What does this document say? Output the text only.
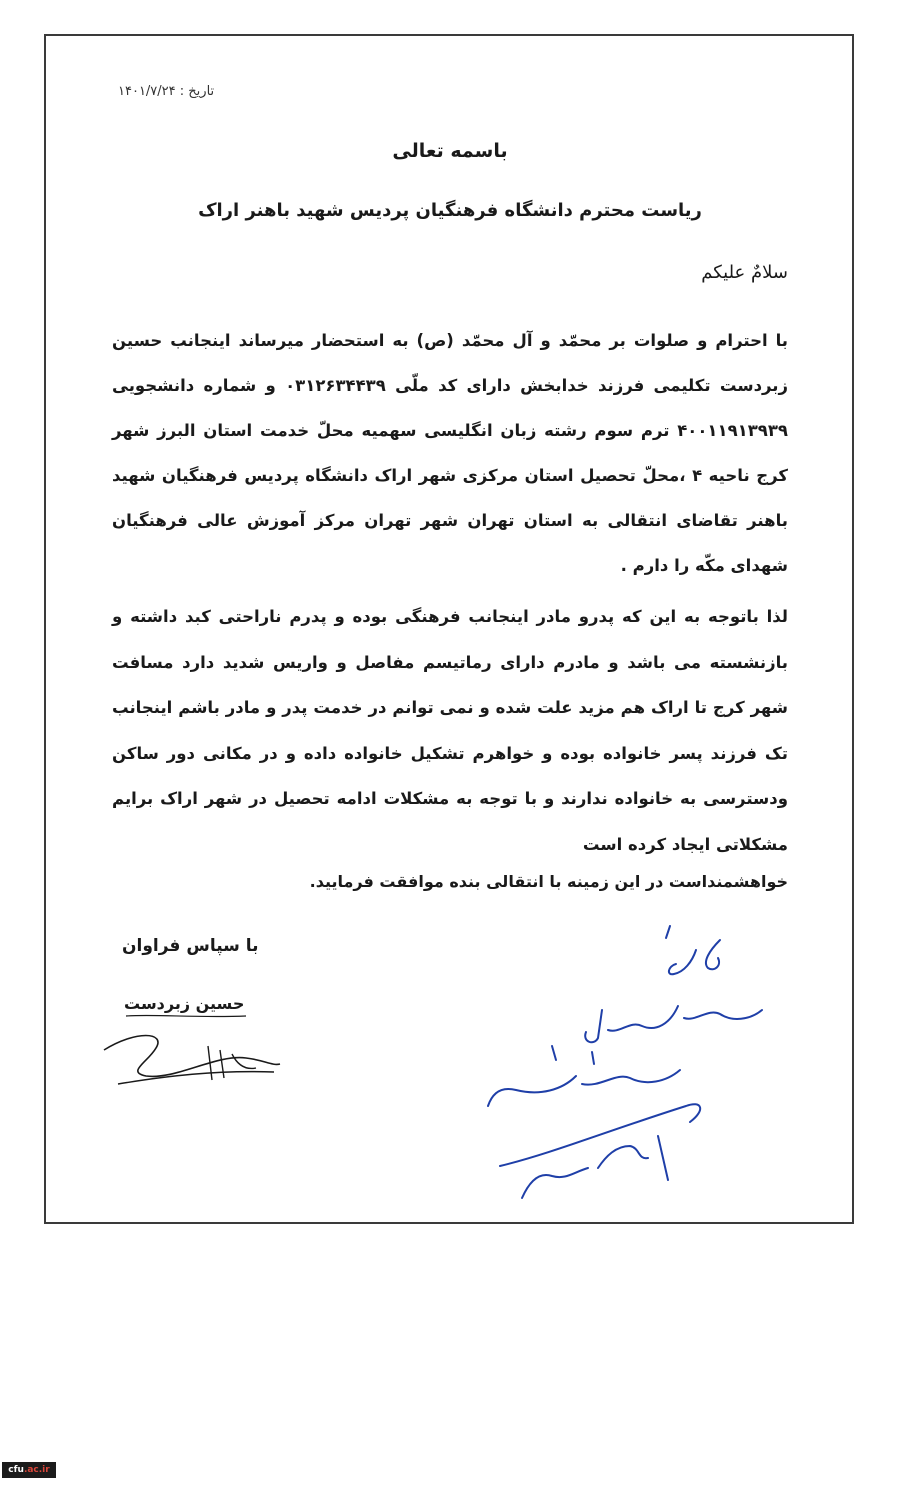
تاریخ : ۱۴۰۱/۷/۲۴
باسمه تعالی
ریاست محترم دانشگاه فرهنگیان پردیس شهید باهنر اراک
سلامٌ علیکم
با احترام و صلوات بر محمّد و آل محمّد (ص) به استحضار میرساند اینجانب حسین زبردست تکلیمی فرزند خدابخش دارای کد ملّی ۰۳۱۲۶۳۴۴۳۹ و شماره دانشجویی ۴۰۰۱۱۹۱۳۹۳۹ ترم سوم رشته زبان انگلیسی سهمیه محلّ خدمت استان البرز شهر کرج ناحیه ۴ ،محلّ تحصیل استان مرکزی شهر اراک دانشگاه پردیس فرهنگیان شهید باهنر تقاضای انتقالی به استان تهران شهر تهران مرکز آموزش عالی فرهنگیان شهدای مکّه را دارم .
لذا باتوجه به این که پدرو مادر اینجانب فرهنگی بوده و پدرم ناراحتی کبد داشته و بازنشسته می باشد و مادرم دارای رماتیسم مفاصل و واریس شدید دارد مسافت شهر کرج تا اراک هم مزید علت شده و نمی توانم در خدمت پدر و مادر باشم اینجانب تک فرزند پسر خانواده بوده و خواهرم تشکیل خانواده داده و در مکانی دور ساکن ودسترسی به خانواده ندارند و با توجه به مشکلات ادامه تحصیل در شهر اراک برایم مشکلاتی ایجاد کرده است
خواهشمنداست در این زمینه با انتقالی بنده موافقت فرمایید.
با سپاس فراوان
حسین زبردست
cfu.ac.ir
